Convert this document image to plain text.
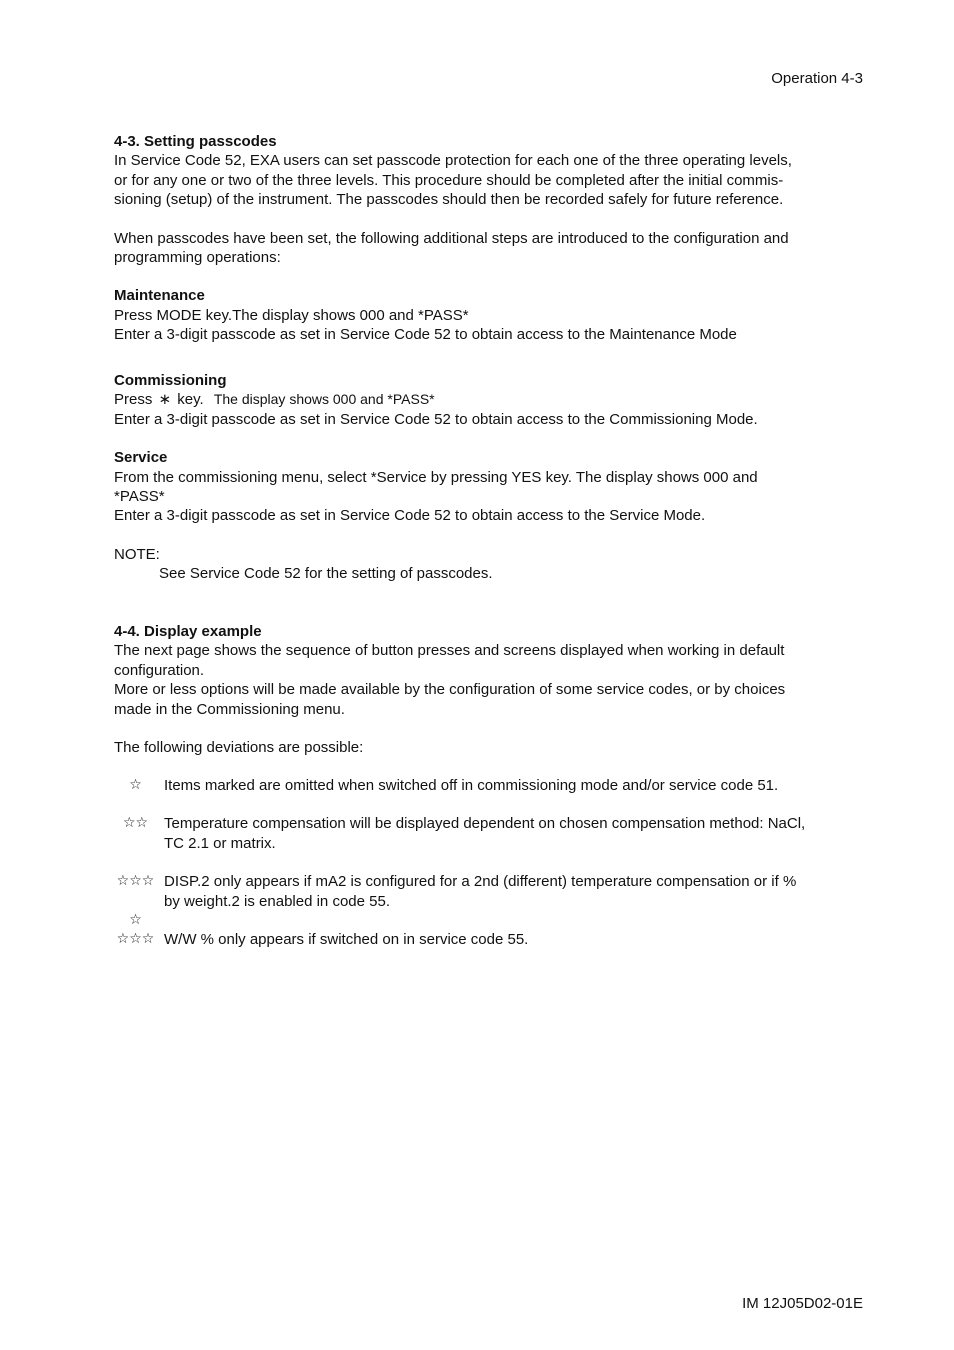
Operation 4-3
4-3. Setting passcodes

In Service Code 52, EXA users can set passcode protection for each one of the three operating levels,

or for any one or two of the three levels. This procedure should be completed after the initial commis-

sioning (setup) of the instrument. The passcodes should then be recorded safely for future reference.

When passcodes have been set, the following additional steps are introduced to the configuration and

programming operations:

Maintenance

Press MODE key.The display shows 000 and *PASS*

Enter a 3-digit passcode as set in Service Code 52 to obtain access to the Maintenance Mode

Commissioning

Press ∗ key. The display shows 000 and *PASS*

Enter a 3-digit passcode as set in Service Code 52 to obtain access to the Commissioning Mode.

Service

From the commissioning menu, select *Service by pressing YES key. The display shows 000 and

*PASS*

Enter a 3-digit passcode as set in Service Code 52 to obtain access to the Service Mode.

NOTE:

See Service Code 52 for the setting of passcodes.

4-4. Display example

The next page shows the sequence of button presses and screens displayed when working in default

configuration.

More or less options will be made available by the configuration of some service codes, or by choices

made in the Commissioning menu.

The following deviations are possible:

☆	Items marked are omitted when switched off in commissioning mode and/or service code 51.

☆☆	Temperature compensation will be displayed dependent on chosen compensation method: NaCl,

TC 2.1 or matrix.

☆☆☆ DISP.2 only appears if mA2 is configured for a 2nd (different) temperature compensation or if %

by weight.2 is enabled in code 55.

☆
☆☆☆ W/W % only appears if switched on in service code 55.

IM 12J05D02-01E
